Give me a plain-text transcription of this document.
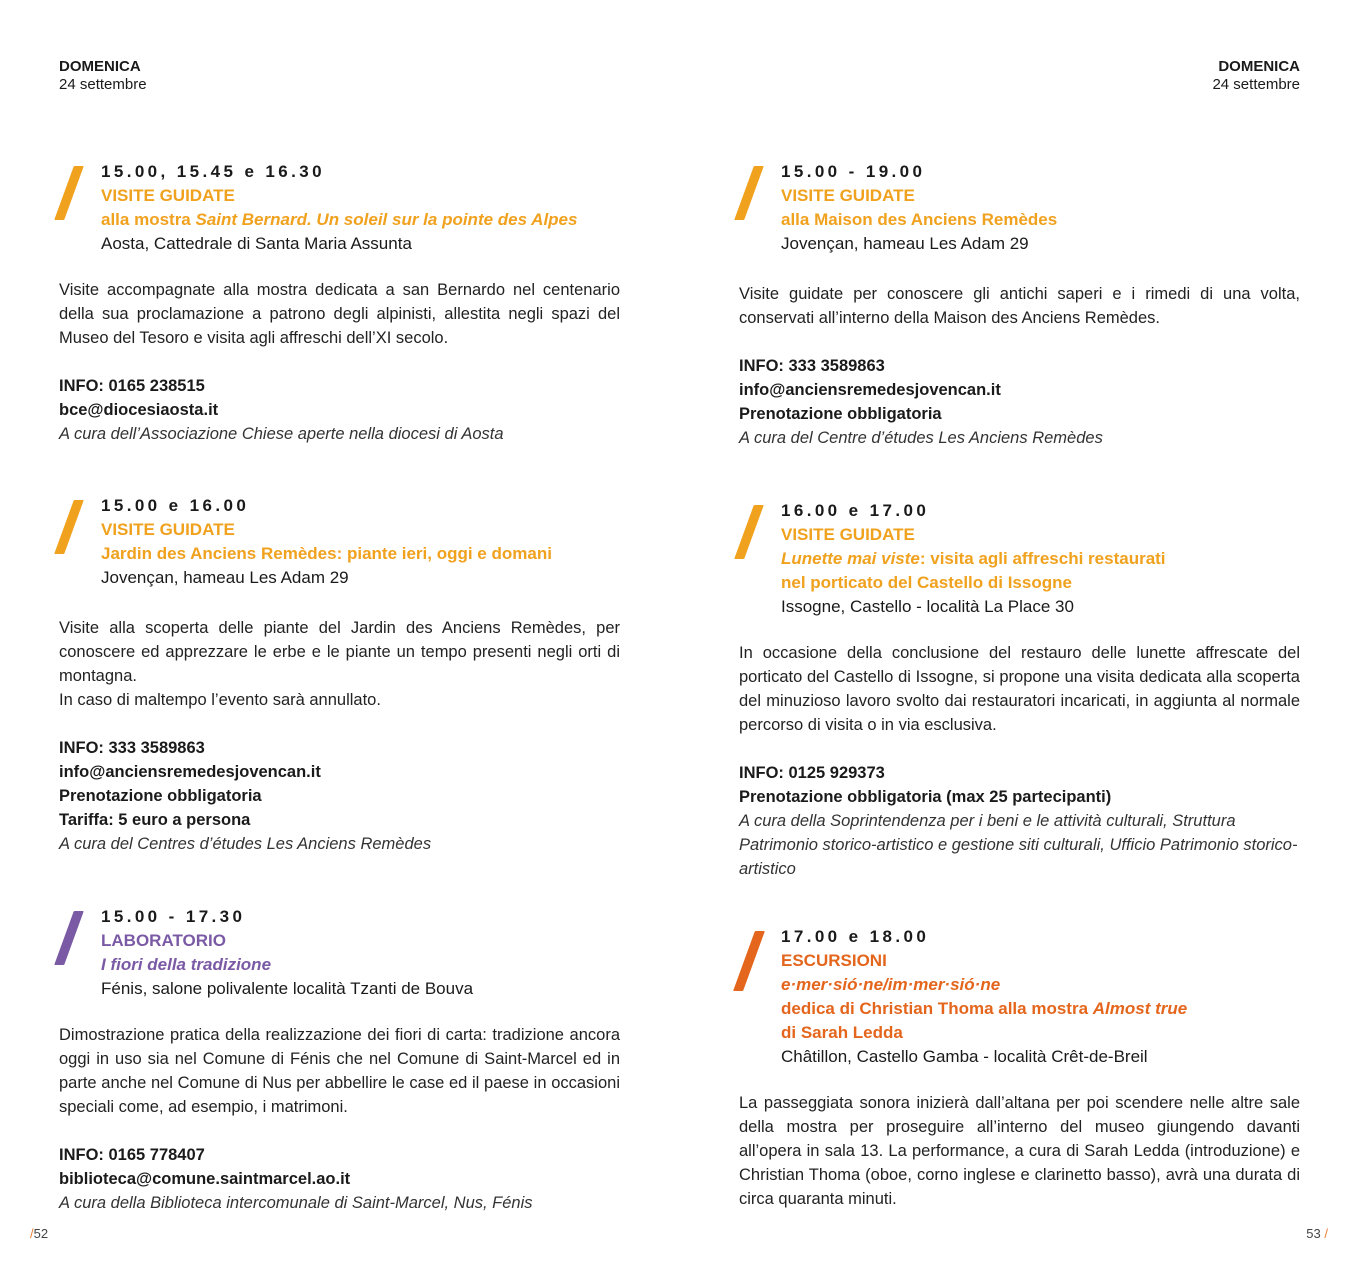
DOMENICA
24 settembre
15.00, 15.45 e 16.30
VISITE GUIDATE
alla mostra Saint Bernard. Un soleil sur la pointe des Alpes
Aosta, Cattedrale di Santa Maria Assunta

Visite accompagnate alla mostra dedicata a san Bernardo nel centenario della sua proclamazione a patrono degli alpinisti, allestita negli spazi del Museo del Tesoro e visita agli affreschi dell’XI secolo.

INFO: 0165 238515
bce@diocesiaosta.it
A cura dell’Associazione Chiese aperte nella diocesi di Aosta
15.00 e 16.00
VISITE GUIDATE
Jardin des Anciens Remèdes: piante ieri, oggi e domani
Jovençan, hameau Les Adam 29

Visite alla scoperta delle piante del Jardin des Anciens Remèdes, per conoscere ed apprezzare le erbe e le piante un tempo presenti negli orti di montagna.

In caso di maltempo l’evento sarà annullato.

INFO: 333 3589863
info@anciensremedesjovencan.it
Prenotazione obbligatoria
Tariffa: 5 euro a persona
A cura del Centres d’études Les Anciens Remèdes
15.00 - 17.30
LABORATORIO
I fiori della tradizione
Fénis, salone polivalente località Tzanti de Bouva

Dimostrazione pratica della realizzazione dei fiori di carta: tradizione ancora oggi in uso sia nel Comune di Fénis che nel Comune di Saint-Marcel ed in parte anche nel Comune di Nus per abbellire le case ed il paese in occasioni speciali come, ad esempio, i matrimoni.

INFO: 0165 778407
biblioteca@comune.saintmarcel.ao.it
A cura della Biblioteca intercomunale di Saint-Marcel, Nus, Fénis
/52
DOMENICA
24 settembre
15.00 - 19.00
VISITE GUIDATE
alla Maison des Anciens Remèdes
Jovençan, hameau Les Adam 29

Visite guidate per conoscere gli antichi saperi e i rimedi di una volta, conservati all’interno della Maison des Anciens Remèdes.

INFO: 333 3589863
info@anciensremedesjovencan.it
Prenotazione obbligatoria
A cura del Centre d’études Les Anciens Remèdes
16.00 e 17.00
VISITE GUIDATE
Lunette mai viste: visita agli affreschi restaurati
nel porticato del Castello di Issogne
Issogne, Castello - località La Place 30

In occasione della conclusione del restauro delle lunette affrescate del porticato del Castello di Issogne, si propone una visita dedicata alla scoperta del minuzioso lavoro svolto dai restauratori incaricati, in aggiunta al normale percorso di visita o in via esclusiva.

INFO: 0125 929373
Prenotazione obbligatoria (max 25 partecipanti)
A cura della Soprintendenza per i beni e le attività culturali, Struttura Patrimonio storico-artistico e gestione siti culturali, Ufficio Patrimonio storico-artistico
17.00 e 18.00
ESCURSIONI
e·mer·sió·ne/im·mer·sió·ne
dedica di Christian Thoma alla mostra Almost true
di Sarah Ledda
Châtillon, Castello Gamba - località Crêt-de-Breil

La passeggiata sonora inizierà dall’altana per poi scendere nelle altre sale della mostra per proseguire all’interno del museo giungendo davanti all’opera in sala 13. La performance, a cura di Sarah Ledda (introduzione) e Christian Thoma (oboe, corno inglese e clarinetto basso), avrà una durata di circa quaranta minuti.

53 /
